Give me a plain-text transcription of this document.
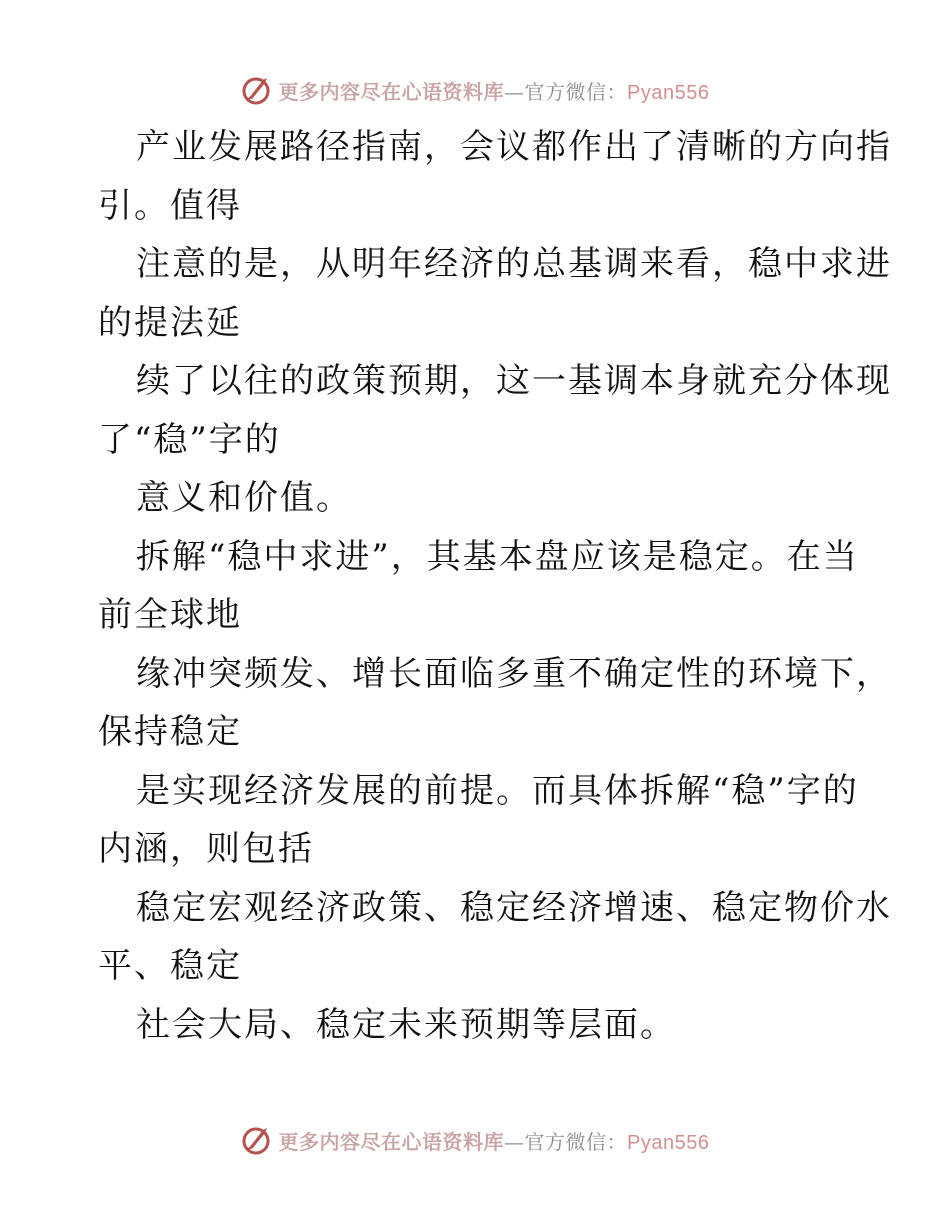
更多内容尽在心语资料库—官方微信：Pyan556
产业发展路径指南，会议都作出了清晰的方向指
引。值得
注意的是，从明年经济的总基调来看，稳中求进
的提法延
续了以往的政策预期，这一基调本身就充分体现
了“稳”字的
意义和价值。
拆解“稳中求进”，其基本盘应该是稳定。在当
前全球地
缘冲突频发、增长面临多重不确定性的环境下，
保持稳定
是实现经济发展的前提。而具体拆解“稳”字的
内涵，则包括
稳定宏观经济政策、稳定经济增速、稳定物价水
平、稳定
社会大局、稳定未来预期等层面。
更多内容尽在心语资料库—官方微信：Pyan556
